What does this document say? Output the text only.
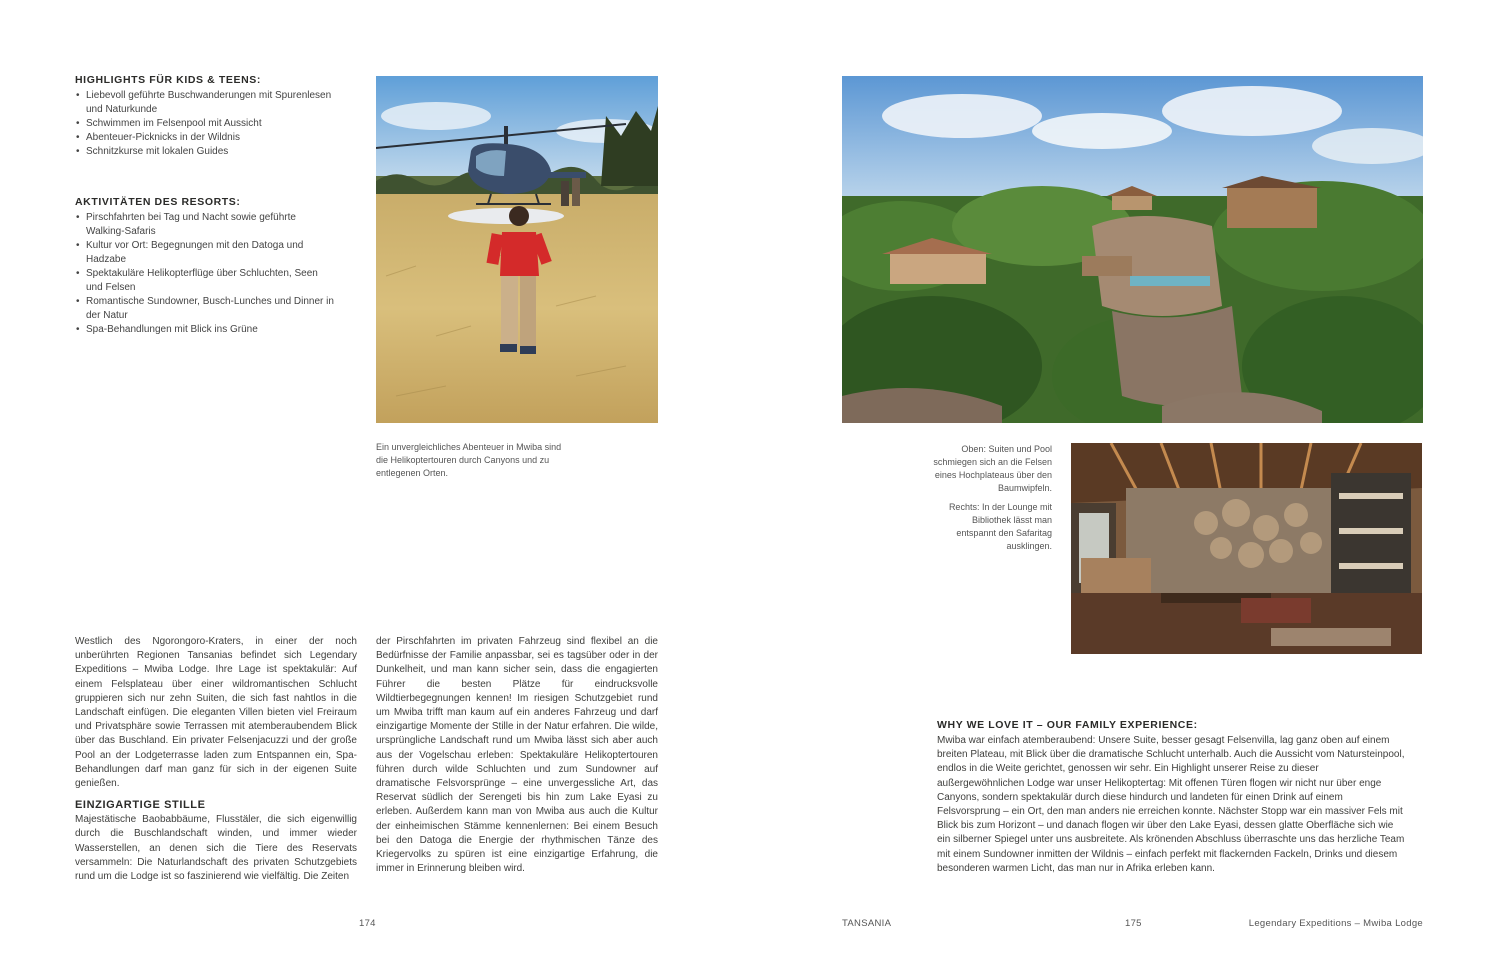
HIGHLIGHTS FÜR KIDS & TEENS:

• Liebevoll geführte Buschwanderungen mit Spurenlesen und Naturkunde
• Schwimmen im Felsenpool mit Aussicht
• Abenteuer-Picknicks in der Wildnis
• Schnitzkurse mit lokalen Guides

AKTIVITÄTEN DES RESORTS:

• Pirschfahrten bei Tag und Nacht sowie geführte Walking-Safaris
• Kultur vor Ort: Begegnungen mit den Datoga und Hadzabe
• Spektakuläre Helikopterflüge über Schluchten, Seen und Felsen
• Romantische Sundowner, Busch-Lunches und Dinner in der Natur
• Spa-Behandlungen mit Blick ins Grüne

Ein unvergleichliches Abenteuer in Mwiba sind die Helikoptertouren durch Canyons und zu entlegenen Orten.

Westlich des Ngorongoro-Kraters, in einer der noch unberührten Regionen Tansanias befindet sich Legendary Expeditions – Mwiba Lodge. Ihre Lage ist spektakulär: Auf einem Felsplateau über einer wildromantischen Schlucht gruppieren sich nur zehn Suiten, die sich fast nahtlos in die Landschaft einfügen. Die eleganten Villen bieten viel Freiraum und Privatsphäre sowie Terrassen mit atemberaubendem Blick über das Buschland. Ein privater Felsenjacuzzi und der große Pool an der Lodgeterrasse laden zum Entspannen ein, Spa-Behandlungen darf man ganz für sich in der eigenen Suite genießen.

EINZIGARTIGE STILLE

Majestätische Baobabbäume, Flusstäler, die sich eigenwillig durch die Buschlandschaft winden, und immer wieder Wasserstellen, an denen sich die Tiere des Reservats versammeln: Die Naturlandschaft des privaten Schutzgebiets rund um die Lodge ist so faszinierend wie vielfältig. Die Zeiten

der Pirschfahrten im privaten Fahrzeug sind flexibel an die Bedürfnisse der Familie anpassbar, sei es tagsüber oder in der Dunkelheit, und man kann sicher sein, dass die engagierten Führer die besten Plätze für eindrucksvolle Wildtierbegegnungen kennen! Im riesigen Schutzgebiet rund um Mwiba trifft man kaum auf ein anderes Fahrzeug und darf einzigartige Momente der Stille in der Natur erfahren. Die wilde, ursprüngliche Landschaft rund um Mwiba lässt sich aber auch aus der Vogelschau erleben: Spektakuläre Helikoptertouren führen durch wilde Schluchten und zum Sundowner auf dramatische Felsvorsprünge – eine unvergessliche Art, das Reservat südlich der Serengeti bis hin zum Lake Eyasi zu erleben. Außerdem kann man von Mwiba aus auch die Kultur der einheimischen Stämme kennenlernen: Bei einem Besuch bei den Datoga die Energie der rhythmischen Tänze des Kriegervolks zu spüren ist eine einzigartige Erfahrung, die immer in Erinnerung bleiben wird.

174	TANSANIA

Oben: Suiten und Pool schmiegen sich an die Felsen eines Hochplateaus über den Baumwipfeln.

Rechts: In der Lounge mit Bibliothek lässt man entspannt den Safaritag ausklingen.

WHY WE LOVE IT – OUR FAMILY EXPERIENCE:

Mwiba war einfach atemberaubend: Unsere Suite, besser gesagt Felsenvilla, lag ganz oben auf einem breiten Plateau, mit Blick über die dramatische Schlucht unterhalb. Auch die Aussicht vom Natursteinpool, endlos in die Weite gerichtet, genossen wir sehr. Ein Highlight unserer Reise zu dieser außergewöhnlichen Lodge war unser Helikoptertag: Mit offenen Türen flogen wir nicht nur über enge Canyons, sondern spektakulär durch diese hindurch und landeten für einen Drink auf einem Felsvorsprung – ein Ort, den man anders nie erreichen konnte. Nächster Stopp war ein massiver Fels mit Blick bis zum Horizont – und danach flogen wir über den Lake Eyasi, dessen glatte Oberfläche sich wie ein silberner Spiegel unter uns ausbreitete. Als krönenden Abschluss überraschte uns das herzliche Team mit einem Sundowner inmitten der Wildnis – einfach perfekt mit flackernden Fackeln, Drinks und diesem besonderen warmen Licht, das man nur in Afrika erleben kann.

175	Legendary Expeditions – Mwiba Lodge
